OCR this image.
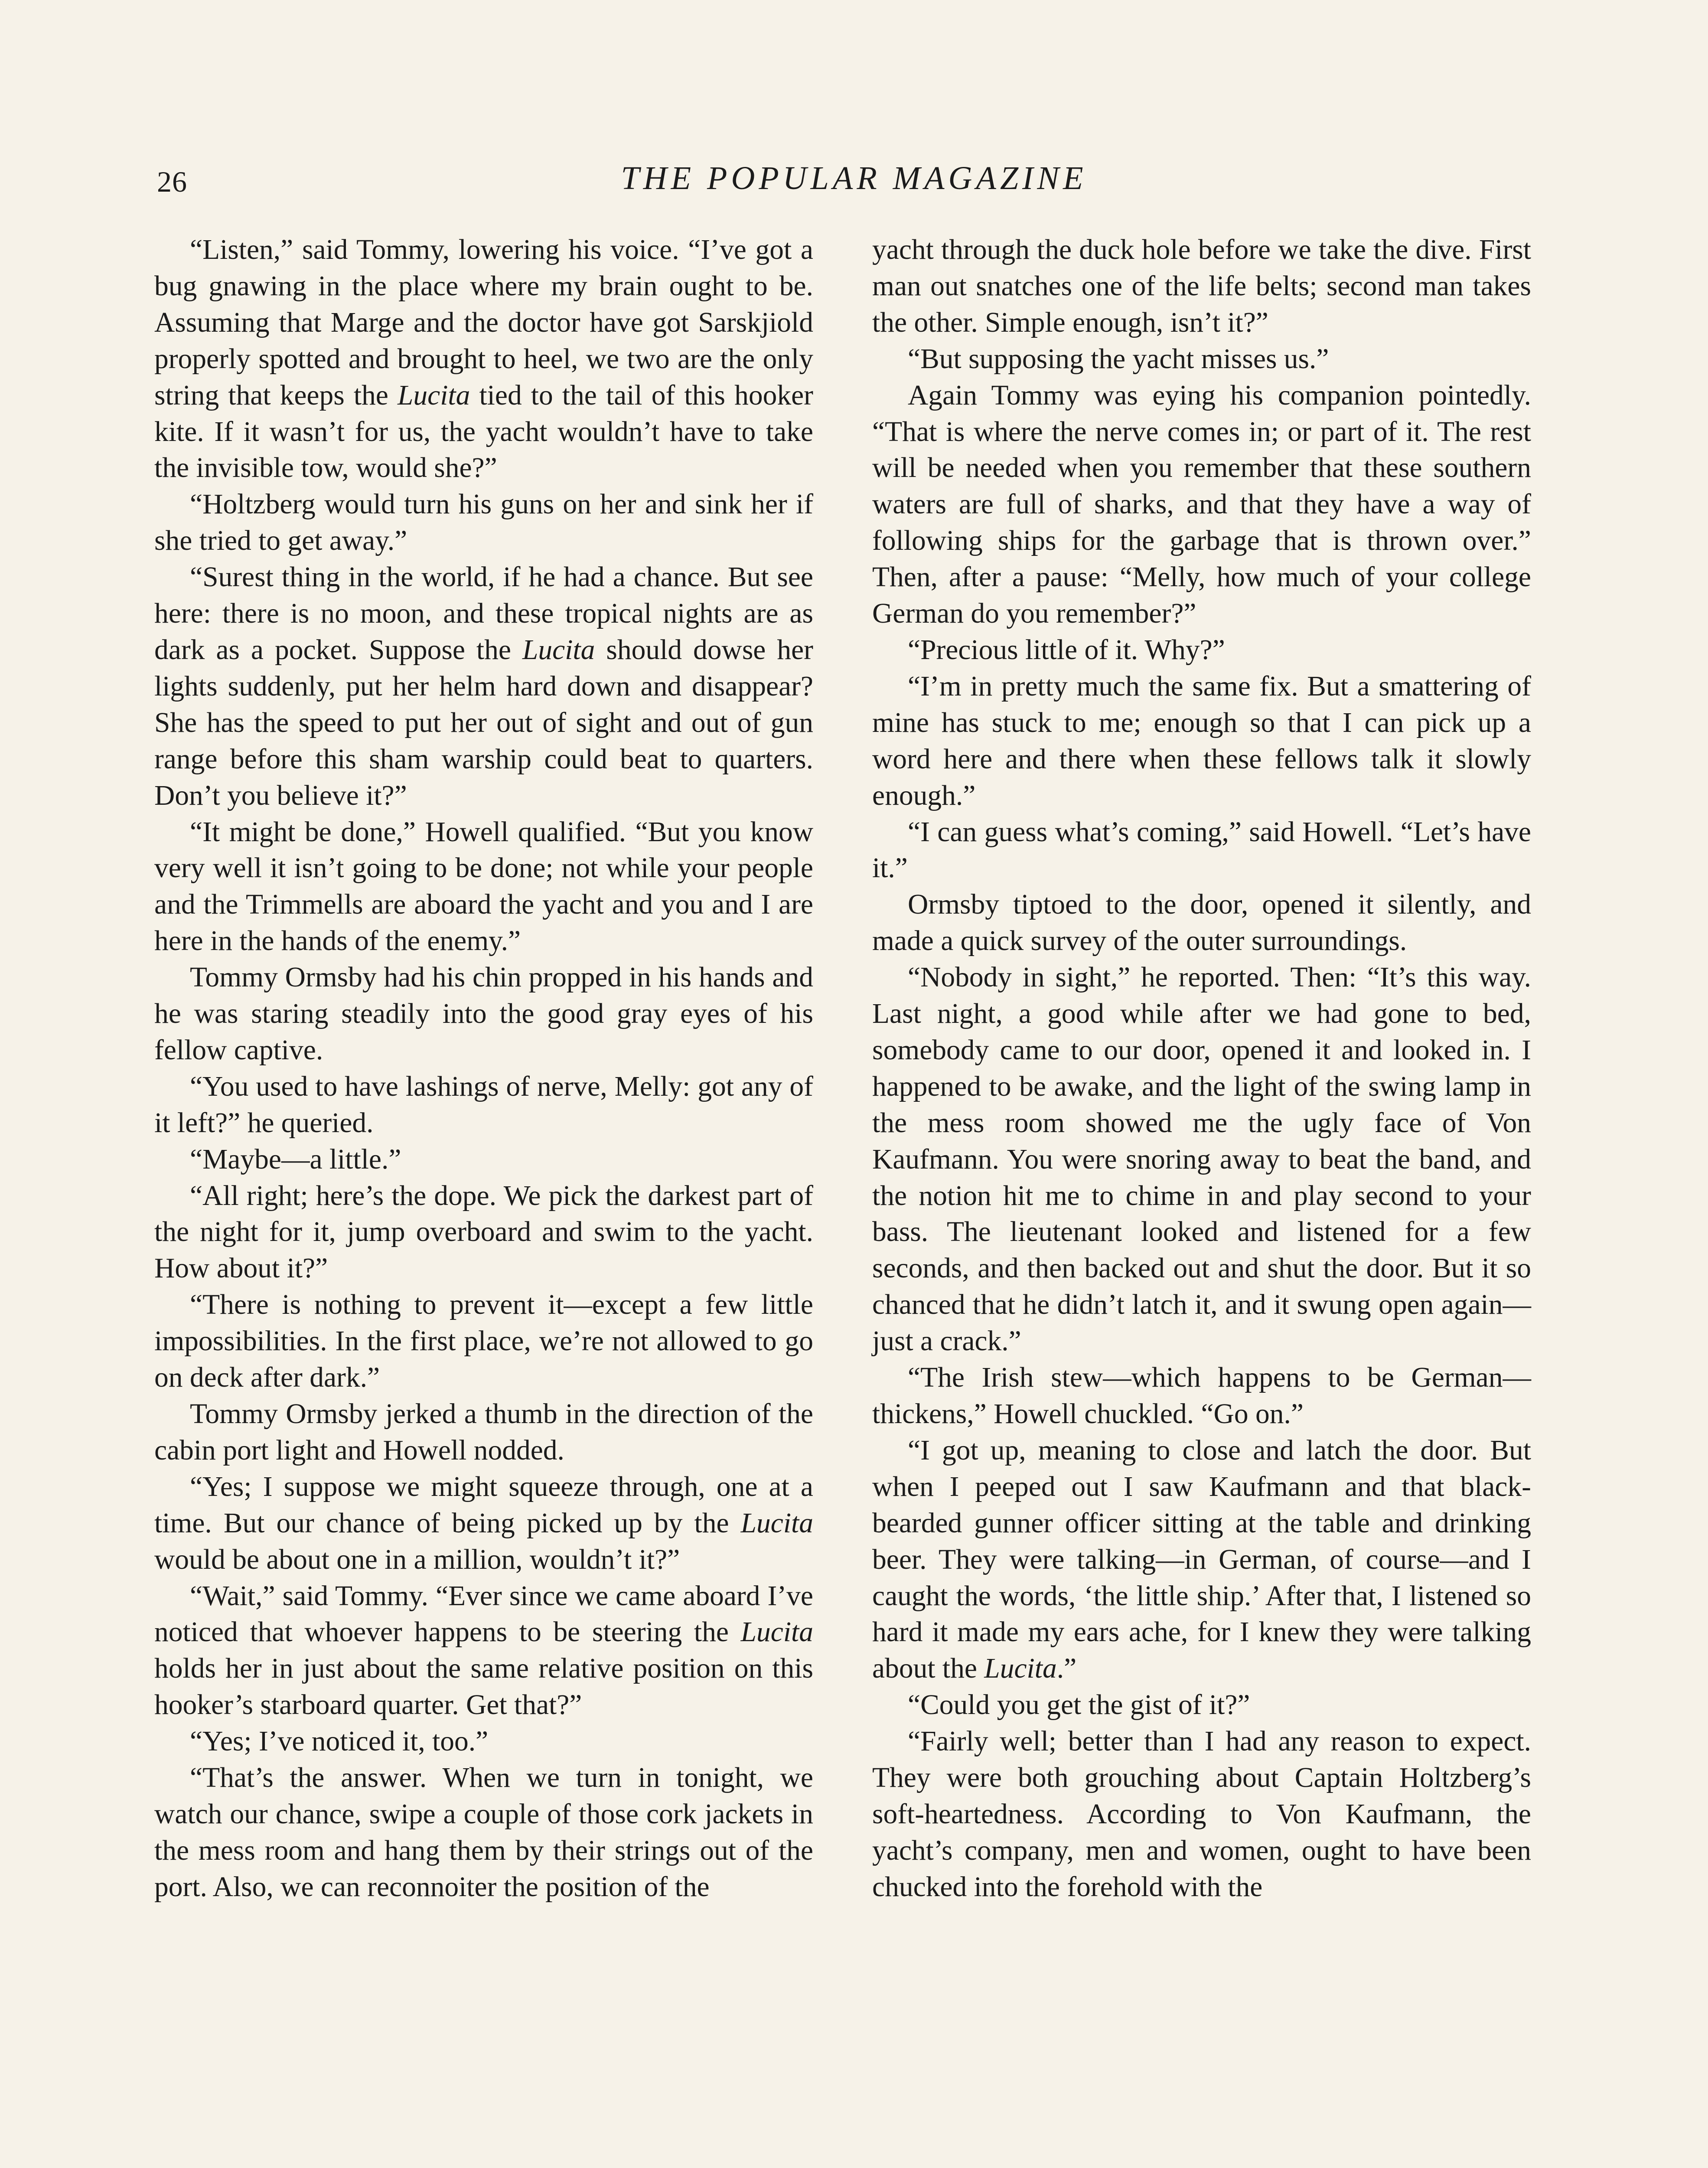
26	THE POPULAR MAGAZINE

“Listen,” said Tommy, lowering his voice. “I’ve got a bug gnawing in the place where my brain ought to be. Assuming that Marge and the doctor have got Sarskjiold properly spotted and brought to heel, we two are the only string that keeps the Lucita tied to the tail of this hooker kite. If it wasn’t for us, the yacht wouldn’t have to take the invisible tow, would she?”

“Holtzberg would turn his guns on her and sink her if she tried to get away.”

“Surest thing in the world, if he had a chance. But see here: there is no moon, and these tropical nights are as dark as a pocket. Suppose the Lucita should dowse her lights suddenly, put her helm hard down and disappear? She has the speed to put her out of sight and out of gun range before this sham warship could beat to quarters. Don’t you believe it?”

“It might be done,” Howell qualified. “But you know very well it isn’t going to be done; not while your people and the Trimmells are aboard the yacht and you and I are here in the hands of the enemy.”

Tommy Ormsby had his chin propped in his hands and he was staring steadily into the good gray eyes of his fellow captive.

“You used to have lashings of nerve, Melly: got any of it left?” he queried.

“Maybe—a little.”

“All right; here’s the dope. We pick the darkest part of the night for it, jump overboard and swim to the yacht. How about it?”

“There is nothing to prevent it—except a few little impossibilities. In the first place, we’re not allowed to go on deck after dark.”

Tommy Ormsby jerked a thumb in the direction of the cabin port light and Howell nodded.

“Yes; I suppose we might squeeze through, one at a time. But our chance of being picked up by the Lucita would be about one in a million, wouldn’t it?”

“Wait,” said Tommy. “Ever since we came aboard I’ve noticed that whoever happens to be steering the Lucita holds her in just about the same relative position on this hooker’s starboard quarter. Get that?”

“Yes; I’ve noticed it, too.”

“That’s the answer. When we turn in tonight, we watch our chance, swipe a couple of those cork jackets in the mess room and hang them by their strings out of the port. Also, we can reconnoiter the position of the

yacht through the duck hole before we take the dive. First man out snatches one of the life belts; second man takes the other. Simple enough, isn’t it?”

“But supposing the yacht misses us.”

Again Tommy was eying his companion pointedly. “That is where the nerve comes in; or part of it. The rest will be needed when you remember that these southern waters are full of sharks, and that they have a way of following ships for the garbage that is thrown over.” Then, after a pause: “Melly, how much of your college German do you remember?”

“Precious little of it. Why?”

“I’m in pretty much the same fix. But a smattering of mine has stuck to me; enough so that I can pick up a word here and there when these fellows talk it slowly enough.”

“I can guess what’s coming,” said Howell. “Let’s have it.”

Ormsby tiptoed to the door, opened it silently, and made a quick survey of the outer surroundings.

“Nobody in sight,” he reported. Then: “It’s this way. Last night, a good while after we had gone to bed, somebody came to our door, opened it and looked in. I happened to be awake, and the light of the swing lamp in the mess room showed me the ugly face of Von Kaufmann. You were snoring away to beat the band, and the notion hit me to chime in and play second to your bass. The lieutenant looked and listened for a few seconds, and then backed out and shut the door. But it so chanced that he didn’t latch it, and it swung open again—just a crack.”

“The Irish stew—which happens to be German—thickens,” Howell chuckled. “Go on.”

“I got up, meaning to close and latch the door. But when I peeped out I saw Kaufmann and that black-bearded gunner officer sitting at the table and drinking beer. They were talking—in German, of course—and I caught the words, ‘the little ship.’ After that, I listened so hard it made my ears ache, for I knew they were talking about the Lucita.”

“Could you get the gist of it?”

“Fairly well; better than I had any reason to expect. They were both grouching about Captain Holtzberg’s soft-heartedness. According to Von Kaufmann, the yacht’s company, men and women, ought to have been chucked into the forehold with the
